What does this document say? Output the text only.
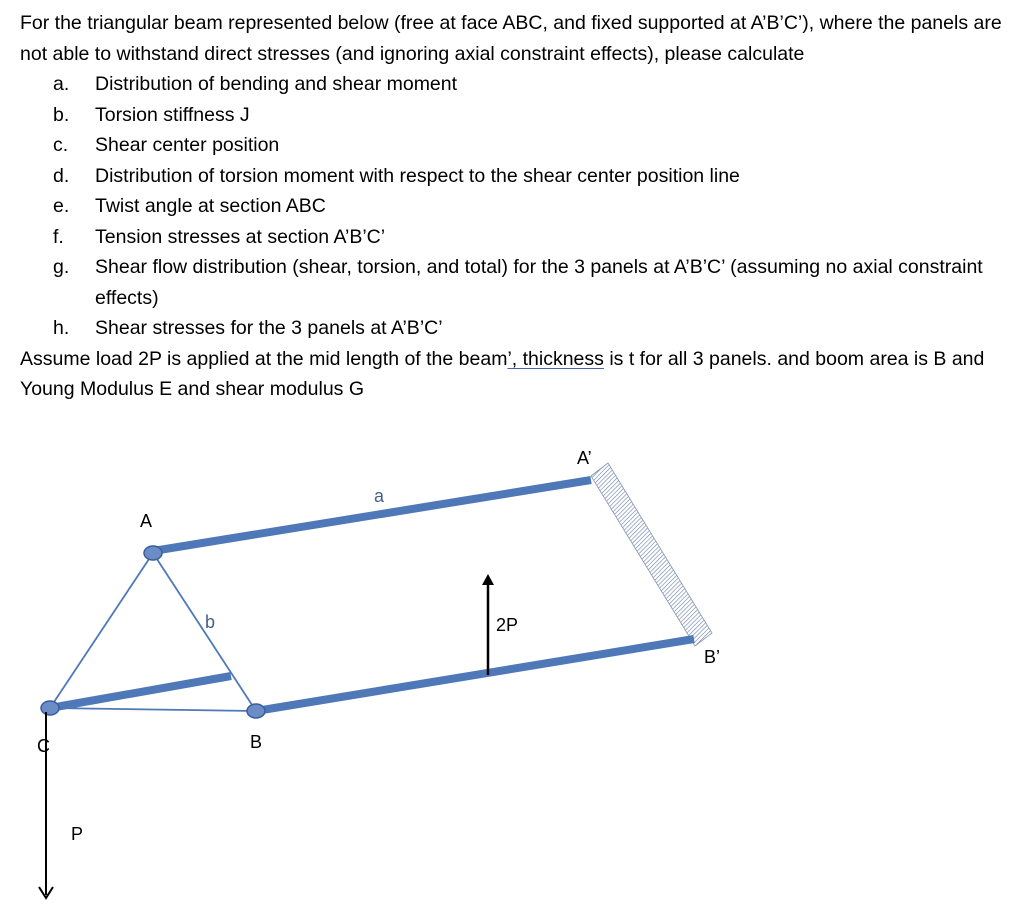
For the triangular beam represented below (free at face ABC, and fixed supported at A’B’C’), where the panels are not able to withstand direct stresses (and ignoring axial constraint effects), please calculate

a.	Distribution of bending and shear moment
b.	Torsion stiffness J
c.	Shear center position
d.	Distribution of torsion moment with respect to the shear center position line
e.	Twist angle at section ABC
f.	Tension stresses at section A’B’C’
g.	Shear flow distribution (shear, torsion, and total) for the 3 panels at A’B’C’ (assuming no axial constraint effects)
h.	Shear stresses for the 3 panels at A’B’C’

Assume load 2P is applied at the mid length of the beam’, thickness is t for all 3 panels. and boom area is B and Young Modulus E and shear modulus G

A
B
C
A’
B’
a
b	2P
P
